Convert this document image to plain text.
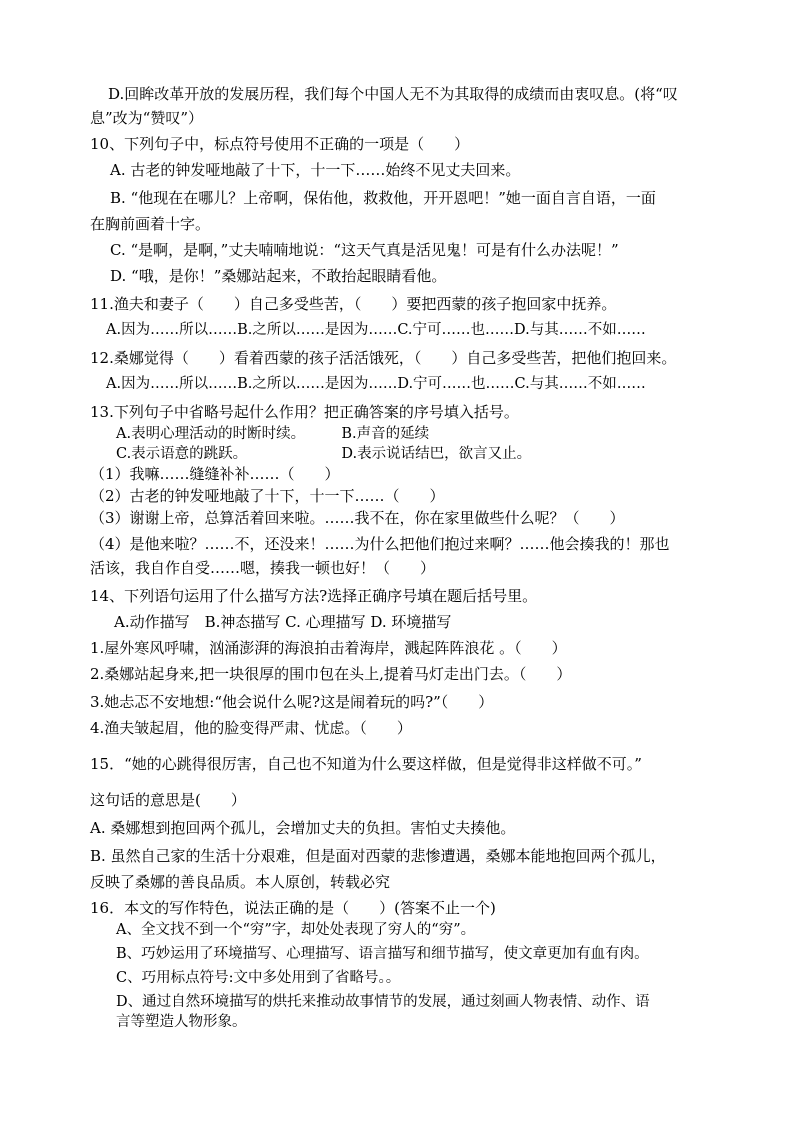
D.回眸改革开放的发展历程，我们每个中国人无不为其取得的成绩而由衷叹息。(将“叹
息”改为“赞叹”）
10、下列句子中，标点符号使用不正确的一项是（　　）
A. 古老的钟发哑地敲了十下，十一下……始终不见丈夫回来。
B. “他现在在哪儿？上帝啊，保佑他，救救他，开开恩吧！”她一面自言自语，一面
在胸前画着十字。
C. “是啊，是啊，”丈夫喃喃地说：“这天气真是活见鬼！可是有什么办法呢！”
D. “哦，是你！”桑娜站起来，不敢抬起眼睛看他。
11.渔夫和妻子（　　）自己多受些苦，（　　）要把西蒙的孩子抱回家中抚养。
A.因为……所以……B.之所以……是因为……C.宁可……也……D.与其……不如……
12.桑娜觉得（　　）看着西蒙的孩子活活饿死，（　　）自己多受些苦，把他们抱回来。
A.因为……所以……B.之所以……是因为……D.宁可……也……C.与其……不如……
13.下列句子中省略号起什么作用？把正确答案的序号填入括号。
A.表明心理活动的时断时续。　　　B.声音的延续
C.表示语意的跳跃。　　　　　　　D.表示说话结巴，欲言又止。
（1）我嘛……缝缝补补……（　　）
（2）古老的钟发哑地敲了十下，十一下……（　　）
（3）谢谢上帝，总算活着回来啦。……我不在，你在家里做些什么呢？（　　）
（4）是他来啦？……不，还没来！……为什么把他们抱过来啊？……他会揍我的！那也
活该，我自作自受……嗯，揍我一顿也好！（　　）
14、下列语句运用了什么描写方法?选择正确序号填在题后括号里。
A.动作描写　B.神态描写 C. 心理描写 D. 环境描写
1.屋外寒风呼啸，汹涌澎湃的海浪拍击着海岸，溅起阵阵浪花 。（　　）
2.桑娜站起身来,把一块很厚的围巾包在头上,提着马灯走出门去。（　　）
3.她忐忑不安地想:“他会说什么呢?这是闹着玩的吗?”（　　）
4.渔夫皱起眉，他的脸变得严肃、忧虑。（　　）
15．“她的心跳得很厉害，自己也不知道为什么要这样做，但是觉得非这样做不可。”
这句话的意思是(　　）
A. 桑娜想到抱回两个孤儿，会增加丈夫的负担。害怕丈夫揍他。
B. 虽然自己家的生活十分艰难，但是面对西蒙的悲惨遭遇，桑娜本能地抱回两个孤儿，
反映了桑娜的善良品质。本人原创，转载必究
16．本文的写作特色，说法正确的是（　　）(答案不止一个)
A、全文找不到一个“穷”字，却处处表现了穷人的“穷”。
B、巧妙运用了环境描写、心理描写、语言描写和细节描写，使文章更加有血有肉。
C、巧用标点符号:文中多处用到了省略号。。
D、通过自然环境描写的烘托来推动故事情节的发展，通过刻画人物表情、动作、语
言等塑造人物形象。
